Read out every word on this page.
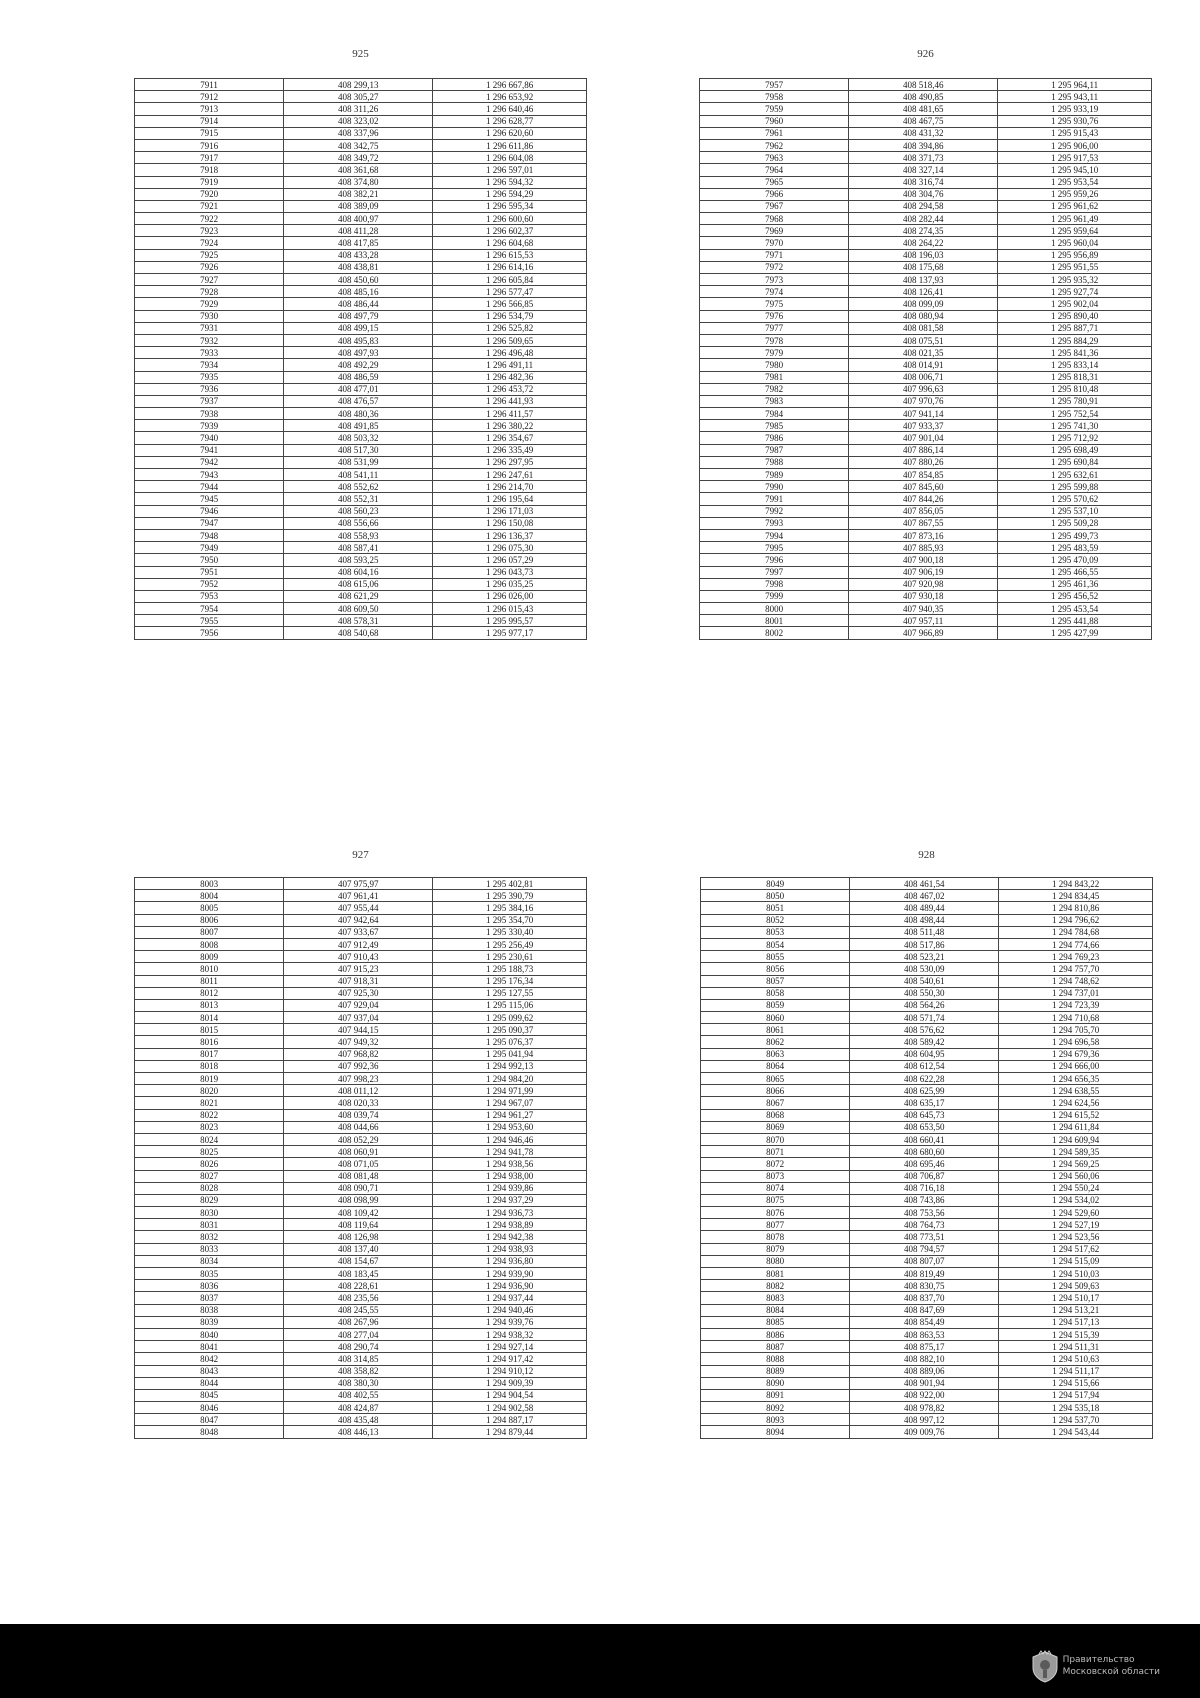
925
7911	408 299,13	1 296 667,86
7912	408 305,27	1 296 653,92
7913	408 311,26	1 296 640,46
7914	408 323,02	1 296 628,77
7915	408 337,96	1 296 620,60
7916	408 342,75	1 296 611,86
7917	408 349,72	1 296 604,08
7918	408 361,68	1 296 597,01
7919	408 374,80	1 296 594,32
7920	408 382,21	1 296 594,29
7921	408 389,09	1 296 595,34
7922	408 400,97	1 296 600,60
7923	408 411,28	1 296 602,37
7924	408 417,85	1 296 604,68
7925	408 433,28	1 296 615,53
7926	408 438,81	1 296 614,16
7927	408 450,60	1 296 605,84
7928	408 485,16	1 296 577,47
7929	408 486,44	1 296 566,85
7930	408 497,79	1 296 534,79
7931	408 499,15	1 296 525,82
7932	408 495,83	1 296 509,65
7933	408 497,93	1 296 496,48
7934	408 492,29	1 296 491,11
7935	408 486,59	1 296 482,36
7936	408 477,01	1 296 453,72
7937	408 476,57	1 296 441,93
7938	408 480,36	1 296 411,57
7939	408 491,85	1 296 380,22
7940	408 503,32	1 296 354,67
7941	408 517,30	1 296 335,49
7942	408 531,99	1 296 297,95
7943	408 541,11	1 296 247,61
7944	408 552,62	1 296 214,70
7945	408 552,31	1 296 195,64
7946	408 560,23	1 296 171,03
7947	408 556,66	1 296 150,08
7948	408 558,93	1 296 136,37
7949	408 587,41	1 296 075,30
7950	408 593,25	1 296 057,29
7951	408 604,16	1 296 043,73
7952	408 615,06	1 296 035,25
7953	408 621,29	1 296 026,00
7954	408 609,50	1 296 015,43
7955	408 578,31	1 295 995,57
7956	408 540,68	1 295 977,17
926
7957	408 518,46	1 295 964,11
7958	408 490,85	1 295 943,11
7959	408 481,65	1 295 933,19
7960	408 467,75	1 295 930,76
7961	408 431,32	1 295 915,43
7962	408 394,86	1 295 906,00
7963	408 371,73	1 295 917,53
7964	408 327,14	1 295 945,10
7965	408 316,74	1 295 953,54
7966	408 304,76	1 295 959,26
7967	408 294,58	1 295 961,62
7968	408 282,44	1 295 961,49
7969	408 274,35	1 295 959,64
7970	408 264,22	1 295 960,04
7971	408 196,03	1 295 956,89
7972	408 175,68	1 295 951,55
7973	408 137,93	1 295 935,32
7974	408 126,41	1 295 927,74
7975	408 099,09	1 295 902,04
7976	408 080,94	1 295 890,40
7977	408 081,58	1 295 887,71
7978	408 075,51	1 295 884,29
7979	408 021,35	1 295 841,36
7980	408 014,91	1 295 833,14
7981	408 006,71	1 295 818,31
7982	407 996,63	1 295 810,48
7983	407 970,76	1 295 780,91
7984	407 941,14	1 295 752,54
7985	407 933,37	1 295 741,30
7986	407 901,04	1 295 712,92
7987	407 886,14	1 295 698,49
7988	407 880,26	1 295 690,84
7989	407 854,85	1 295 632,61
7990	407 845,60	1 295 599,88
7991	407 844,26	1 295 570,62
7992	407 856,05	1 295 537,10
7993	407 867,55	1 295 509,28
7994	407 873,16	1 295 499,73
7995	407 885,93	1 295 483,59
7996	407 900,18	1 295 470,09
7997	407 906,19	1 295 466,55
7998	407 920,98	1 295 461,36
7999	407 930,18	1 295 456,52
8000	407 940,35	1 295 453,54
8001	407 957,11	1 295 441,88
8002	407 966,89	1 295 427,99
927
8003	407 975,97	1 295 402,81
8004	407 961,41	1 295 390,79
8005	407 955,44	1 295 384,16
8006	407 942,64	1 295 354,70
8007	407 933,67	1 295 330,40
8008	407 912,49	1 295 256,49
8009	407 910,43	1 295 230,61
8010	407 915,23	1 295 188,73
8011	407 918,31	1 295 176,34
8012	407 925,30	1 295 127,55
8013	407 929,04	1 295 115,06
8014	407 937,04	1 295 099,62
8015	407 944,15	1 295 090,37
8016	407 949,32	1 295 076,37
8017	407 968,82	1 295 041,94
8018	407 992,36	1 294 992,13
8019	407 998,23	1 294 984,20
8020	408 011,12	1 294 971,99
8021	408 020,33	1 294 967,07
8022	408 039,74	1 294 961,27
8023	408 044,66	1 294 953,60
8024	408 052,29	1 294 946,46
8025	408 060,91	1 294 941,78
8026	408 071,05	1 294 938,56
8027	408 081,48	1 294 938,00
8028	408 090,71	1 294 939,86
8029	408 098,99	1 294 937,29
8030	408 109,42	1 294 936,73
8031	408 119,64	1 294 938,89
8032	408 126,98	1 294 942,38
8033	408 137,40	1 294 938,93
8034	408 154,67	1 294 936,80
8035	408 183,45	1 294 939,90
8036	408 228,61	1 294 936,90
8037	408 235,56	1 294 937,44
8038	408 245,55	1 294 940,46
8039	408 267,96	1 294 939,76
8040	408 277,04	1 294 938,32
8041	408 290,74	1 294 927,14
8042	408 314,85	1 294 917,42
8043	408 358,82	1 294 910,12
8044	408 380,30	1 294 909,39
8045	408 402,55	1 294 904,54
8046	408 424,87	1 294 902,58
8047	408 435,48	1 294 887,17
8048	408 446,13	1 294 879,44
928
8049	408 461,54	1 294 843,22
8050	408 467,02	1 294 834,45
8051	408 489,44	1 294 810,86
8052	408 498,44	1 294 796,62
8053	408 511,48	1 294 784,68
8054	408 517,86	1 294 774,66
8055	408 523,21	1 294 769,23
8056	408 530,09	1 294 757,70
8057	408 540,61	1 294 748,62
8058	408 550,30	1 294 737,01
8059	408 564,26	1 294 723,39
8060	408 571,74	1 294 710,68
8061	408 576,62	1 294 705,70
8062	408 589,42	1 294 696,58
8063	408 604,95	1 294 679,36
8064	408 612,54	1 294 666,00
8065	408 622,28	1 294 656,35
8066	408 625,99	1 294 638,55
8067	408 635,17	1 294 624,56
8068	408 645,73	1 294 615,52
8069	408 653,50	1 294 611,84
8070	408 660,41	1 294 609,94
8071	408 680,60	1 294 589,35
8072	408 695,46	1 294 569,25
8073	408 706,87	1 294 560,06
8074	408 716,18	1 294 550,24
8075	408 743,86	1 294 534,02
8076	408 753,56	1 294 529,60
8077	408 764,73	1 294 527,19
8078	408 773,51	1 294 523,56
8079	408 794,57	1 294 517,62
8080	408 807,07	1 294 515,09
8081	408 819,49	1 294 510,03
8082	408 830,75	1 294 509,63
8083	408 837,70	1 294 510,17
8084	408 847,69	1 294 513,21
8085	408 854,49	1 294 517,13
8086	408 863,53	1 294 515,39
8087	408 875,17	1 294 511,31
8088	408 882,10	1 294 510,63
8089	408 889,06	1 294 511,17
8090	408 901,94	1 294 515,66
8091	408 922,00	1 294 517,94
8092	408 978,82	1 294 535,18
8093	408 997,12	1 294 537,70
8094	409 009,76	1 294 543,44
Правительство
Московской области
